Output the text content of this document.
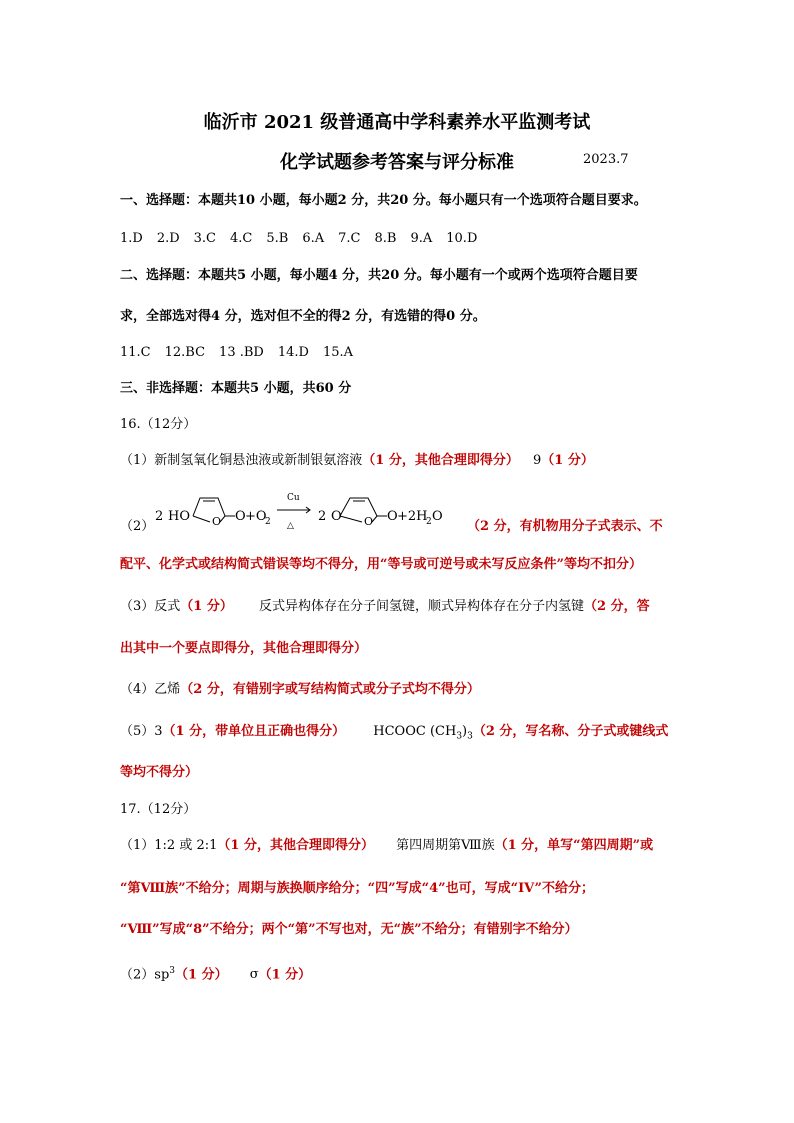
临沂市 2021 级普通高中学科素养水平监测考试
化学试题参考答案与评分标准	2023.7
一、选择题：本题共10 小题，每小题2 分，共20 分。每小题只有一个选项符合题目要求。
1.D 2.D 3.C 4.C 5.B 6.A 7.C 8.B 9.A 10.D
二、选择题：本题共5 小题，每小题4 分，共20 分。每小题有一个或两个选项符合题目要
求，全部选对得4 分，选对但不全的得2 分，有选错的得0 分。
11.C 12.BC 13 .BD 14.D 15.A
三、非选择题：本题共5 小题，共60 分
16.（12分）
（1）新制氢氧化铜悬浊液或新制银氨溶液（1 分，其他合理即得分） 9（1 分）
（2）
2 HO O O +O
2
Cu
△
2 O O O +2H
2 O
（2 分，有机物用分子式表示、不
配平、化学式或结构简式错误等均不得分，用“等号或可逆号或未写反应条件”等均不扣分）
（3）反式（1 分） 反式异构体存在分子间氢键，顺式异构体存在分子内氢键（2 分，答
出其中一个要点即得分，其他合理即得分）
（4）乙烯（2 分，有错别字或写结构简式或分子式均不得分）
（5）3（1 分，带单位且正确也得分） HCOOC $(CH_3)_3(2$ 分，写名称、分子式或键线式
等均不得分）
17.（12分）
（1）1:2 或 2:1（1 分，其他合理即得分） 第四周期第Ⅷ族（1 分，单写“第四周期”或
“第Ⅷ族”不给分；周期与族换顺序给分；“四”写成“4”也可，写成“IV”不给分；
“Ⅷ”写成“8”不给分；两个“第”不写也对，无“族”不给分；有错别字不给分）
$(2)sp^3(1$ 分） σ（1 分）
